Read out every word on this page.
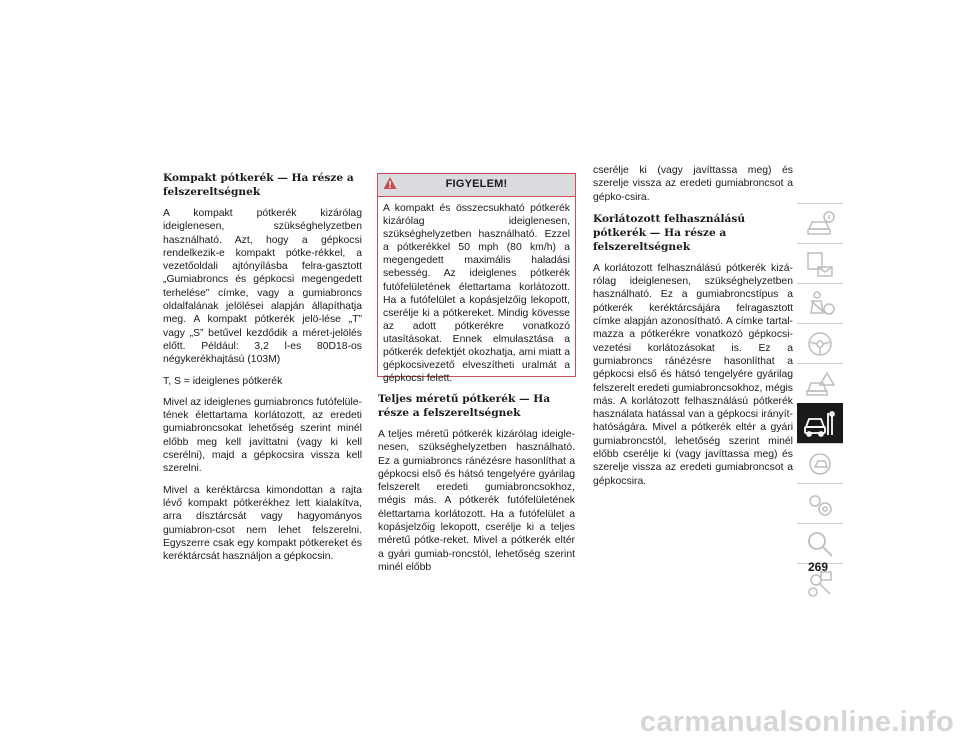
Kompakt pótkerék — Ha része a felszereltségnek

A kompakt pótkerék kizárólag ideiglenesen, szükséghelyzetben használható. Azt, hogy a gépkocsi rendelkezik-e kompakt pótke-rékkel, a vezetőoldali ajtónyílásba felra-gasztott „Gumiabroncs és gépkocsi megengedett terhelése” címke, vagy a gumiabroncs oldalfalának jelölései alapján állapíthatja meg. A kompakt pótkerék jelö-lése „T” vagy „S” betűvel kezdődik a méret-jelölés előtt. Például: 3,2 l-es 80D18-os négykerékhajtású (103M)

T, S = ideiglenes pótkerék

Mivel az ideiglenes gumiabroncs futófelüle-tének élettartama korlátozott, az eredeti gumiabroncsokat lehetőség szerint minél előbb meg kell javíttatni (vagy ki kell cserélni), majd a gépkocsira vissza kell szerelni.

Mivel a keréktárcsa kimondottan a rajta lévő kompakt pótkerékhez lett kialakítva, arra dísztárcsát vagy hagyományos gumiabron-csot nem lehet felszerelni. Egyszerre csak egy kompakt pótkereket és keréktárcsát használjon a gépkocsin.

FIGYELEM!
A kompakt és összecsukható pótkerék kizárólag ideiglenesen, szükséghelyzetben használható. Ezzel a pótkerékkel 50 mph (80 km/h) a megengedett maximális haladási sebesség. Az ideiglenes pótkerék futófelületének élettartama korlátozott. Ha a futófelület a kopásjelzőig lekopott, cserélje ki a pótkereket. Mindig kövesse az adott pótkerékre vonatkozó utasításokat. Ennek elmulasztása a pótkerék defektjét okozhatja, ami miatt a gépkocsivezető elveszítheti uralmát a gépkocsi felett.
Teljes méretű pótkerék — Ha része a felszereltségnek

A teljes méretű pótkerék kizárólag ideigle-nesen, szükséghelyzetben használható. Ez a gumiabroncs ránézésre hasonlíthat a gépkocsi első és hátsó tengelyére gyárilag felszerelt eredeti gumiabroncsokhoz, mégis más. A pótkerék futófelületének élettartama korlátozott. Ha a futófelület a kopásjelzőig lekopott, cserélje ki a teljes méretű pótke-reket. Mivel a pótkerék eltér a gyári gumiab-roncstól, lehetőség szerint minél előbb

cserélje ki (vagy javíttassa meg) és szerelje vissza az eredeti gumiabroncsot a gépko-csira.

Korlátozott felhasználású pótkerék — Ha része a felszereltségnek

A korlátozott felhasználású pótkerék kizá-rólag ideiglenesen, szükséghelyzetben használható. Ez a gumiabroncstípus a pótkerék keréktárcsájára felragasztott címke alapján azonosítható. A címke tartal-mazza a pótkerékre vonatkozó gépkocsi-vezetési korlátozásokat is. Ez a gumiabroncs ránézésre hasonlíthat a gépkocsi első és hátsó tengelyére gyárilag felszerelt eredeti gumiabroncsokhoz, mégis más. A korlátozott felhasználású pótkerék használata hatással van a gépkocsi irányít-hatóságára. Mivel a pótkerék eltér a gyári gumiabroncstól, lehetőség szerint minél előbb cserélje ki (vagy javíttassa meg) és szerelje vissza az eredeti gumiabroncsot a gépkocsira.

269
carmanualsonline.info
